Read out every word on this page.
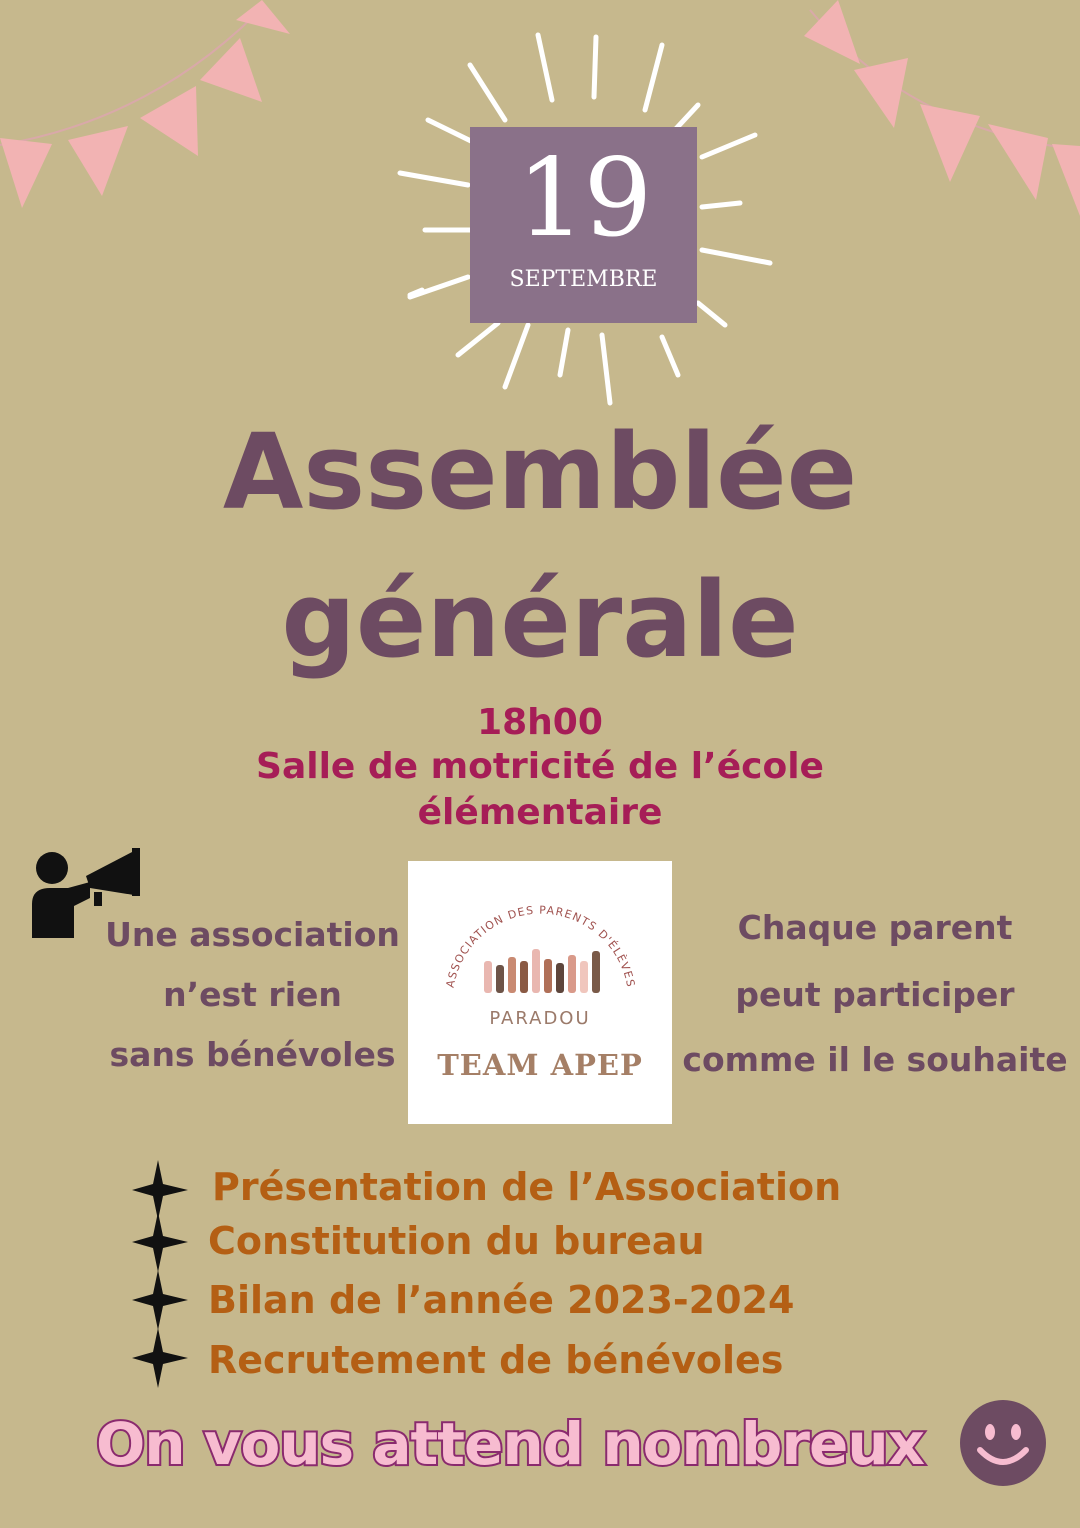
19
SEPTEMBRE
Assemblée
générale
18h00
Salle de motricité de l’école
élémentaire
Une association
n’est rien
sans bénévoles
ASSOCIATION DES PARENTS D'ÉLÈVES
PARADOU
TEAM APEP
Chaque parent
peut participer
comme il le souhaite
Présentation de l’Association
Constitution du bureau
Bilan de l’année 2023-2024
Recrutement de bénévoles
On vous attend nombreux
